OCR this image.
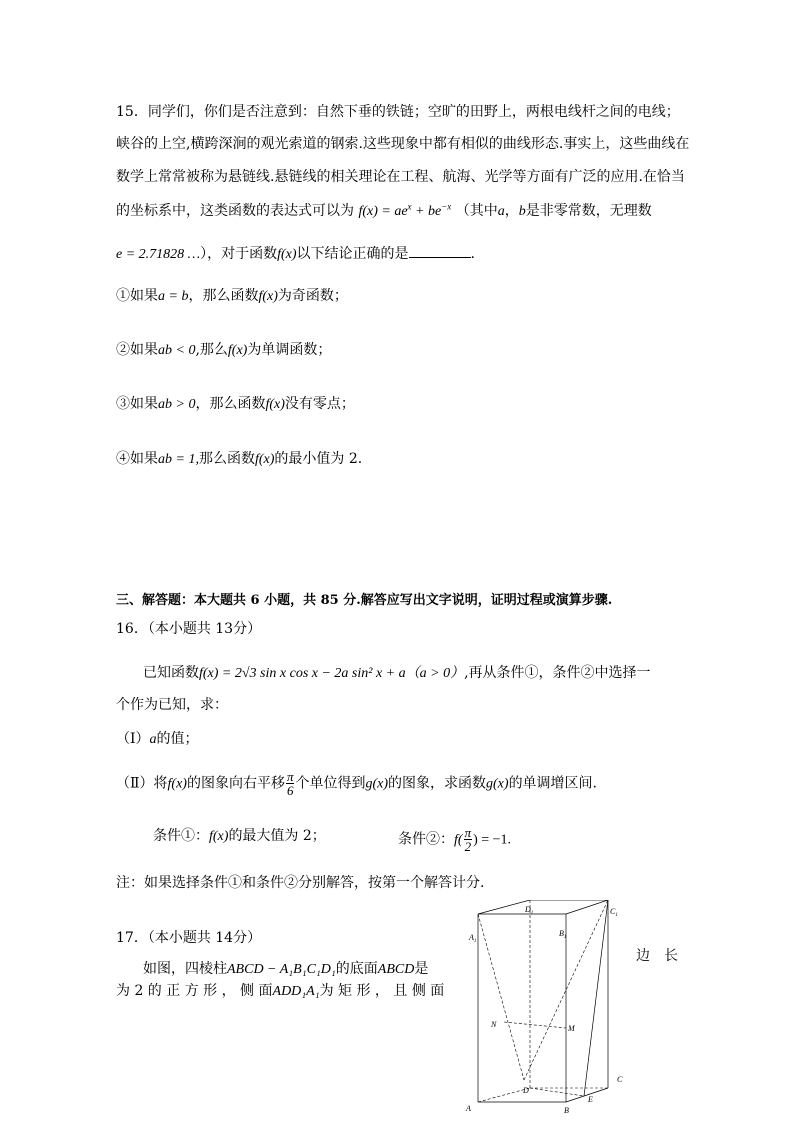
15．同学们，你们是否注意到：自然下垂的铁链；空旷的田野上，两根电线杆之间的电线；
峡谷的上空,横跨深涧的观光索道的钢索.这些现象中都有相似的曲线形态.事实上，这些曲线在
数学上常常被称为悬链线.悬链线的相关理论在工程、航海、光学等方面有广泛的应用.在恰当
的坐标系中，这类函数的表达式可以为 $f(x) = ae^x + be^{-x}$ （其中a，b是非零常数，无理数
e = 2.71828 …），对于函数f(x)以下结论正确的是	.
①如果a = b，那么函数f(x)为奇函数；
②如果ab < 0,那么f(x)为单调函数；
③如果ab > 0，那么函数f(x)没有零点；
④如果ab = 1,那么函数f(x)的最小值为 2.
三、解答题：本大题共 6 小题，共 85 分.解答应写出文字说明，证明过程或演算步骤.
16．（本小题共 13分）
已知函数f(x) = 2√3 sin x cos x − 2a sin² x + a（a > 0）,再从条件①，条件②中选择一
个作为已知，求：
（Ⅰ）a的值；
（Ⅱ）将f(x)的图象向右平移 $\frac{\pi}{6}$ 个单位得到g(x)的图象，求函数g(x)的单调增区间.
条件①：f(x)的最大值为 2；	条件②：$f( \frac{\pi}{2}$ ) = −1.
注：如果选择条件①和条件②分别解答，按第一个解答计分.
17．（本小题共 14分）
如图，四棱柱ABCD − A₁B₁C₁D₁的底面ABCD是
边　长
为 2 的 正 方 形 ， 侧 面ADD₁A₁为 矩 形 ， 且 侧 面
$A_1$
$B_1$
$C_1$
$D_1$
A	B
C
D
E
M
N
